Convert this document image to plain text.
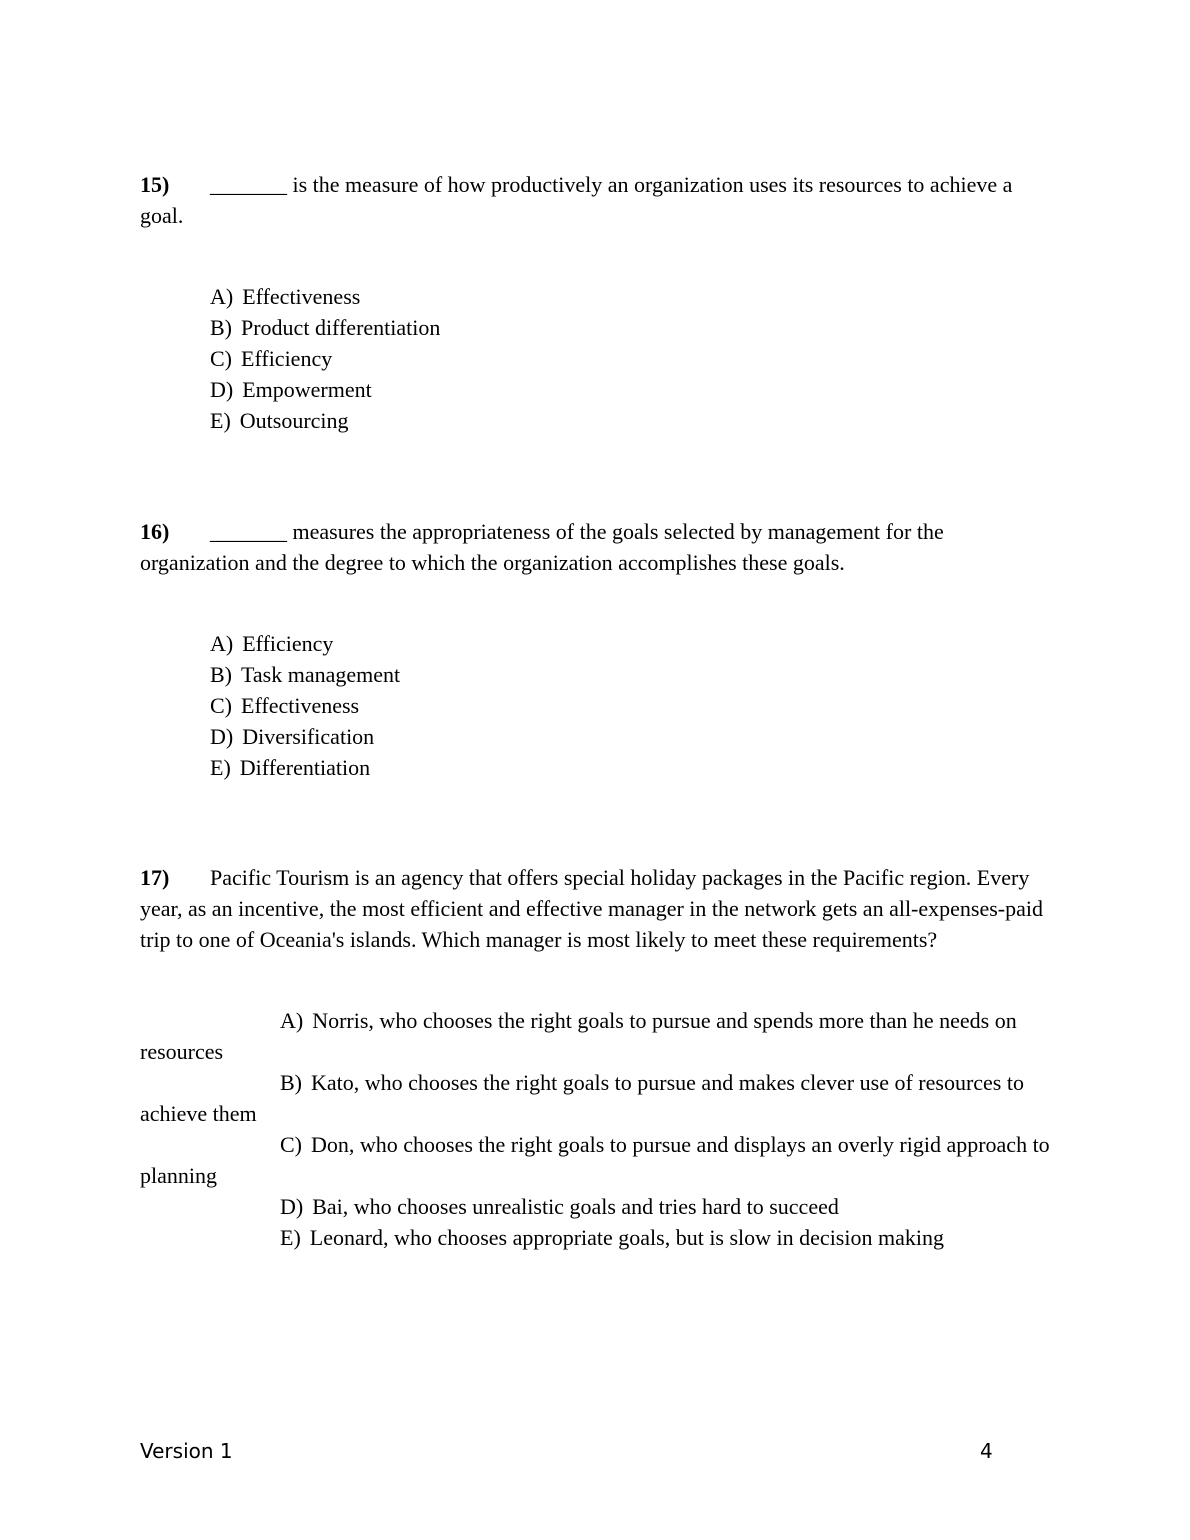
15) _______ is the measure of how productively an organization uses its resources to achieve a goal.

A) Effectiveness
B) Product differentiation
C) Efficiency
D) Empowerment
E) Outsourcing

16) _______ measures the appropriateness of the goals selected by management for the organization and the degree to which the organization accomplishes these goals.

A) Efficiency
B) Task management
C) Effectiveness
D) Diversification
E) Differentiation

17) Pacific Tourism is an agency that offers special holiday packages in the Pacific region. Every year, as an incentive, the most efficient and effective manager in the network gets an all-expenses-paid trip to one of Oceania's islands. Which manager is most likely to meet these requirements?

A) Norris, who chooses the right goals to pursue and spends more than he needs on resources
B) Kato, who chooses the right goals to pursue and makes clever use of resources to achieve them
C) Don, who chooses the right goals to pursue and displays an overly rigid approach to planning
D) Bai, who chooses unrealistic goals and tries hard to succeed
E) Leonard, who chooses appropriate goals, but is slow in decision making
Version 1	4
